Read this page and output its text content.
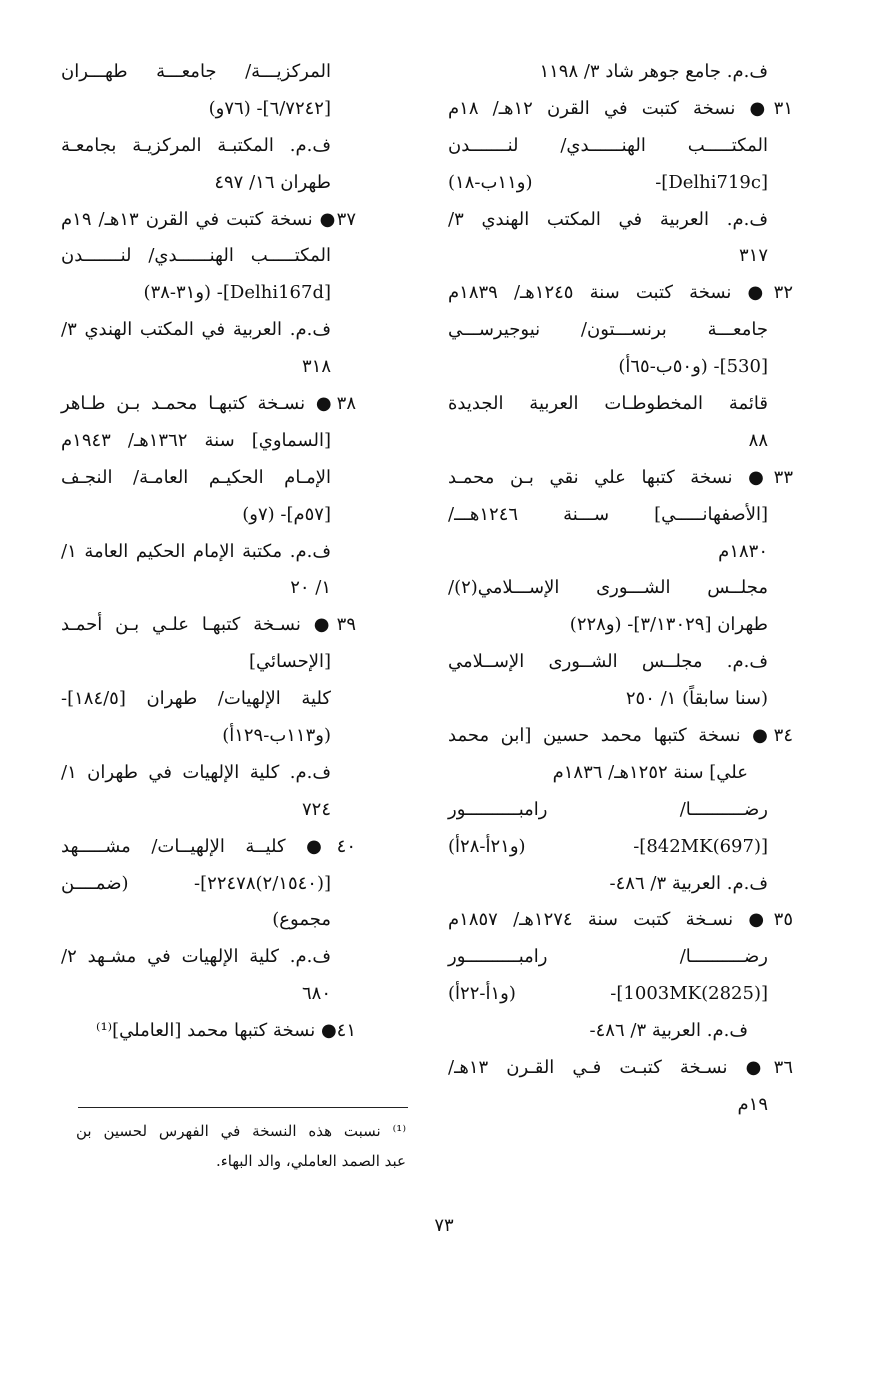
ف.م. جامع جوهر شاد ٣/ ١١٩٨
٣١● نسخة كتبت في القرن ١٢هـ/ ١٨م
المكتـــــب الهنــــــدي/ لنـــــــدن
[Delhi719c]- (و١١ب-١٨)
ف.م. العربية في المكتب الهندي ٣/
٣١٧
٣٢● نسخة كتبت سنة ١٢٤٥هـ/ ١٨٣٩م
جامعـــة برنســـتون/ نيوجيرســـي
[530]- (و٥٠ب-٦٥أ)
قائمة المخطوطـات العربية الجديدة
٨٨
٣٣● نسخة كتبها علي نقي بـن محمـد
[الأصفهانـــــي] ســـنة ١٢٤٦هـــ/
١٨٣٠م
مجلــس الشـــورى الإســـلامي(٢)/
طهران [٣/١٣٠٢٩]- (و٢٢٨)
ف.م. مجلــس الشــورى الإســلامي
(سنا سابقاً) ١/ ٢٥٠
٣٤● نسخة كتبها محمد حسين [ابن محمد
علي] سنة ١٢٥٢هـ/ ١٨٣٦م
رضــــــــــا/ رامبــــــــــور
[(697)842MK]- (و٢١أ-٢٨أ)
ف.م. العربية ٣/ ٤٨٦-
٣٥● نسـخة كتبت سنة ١٢٧٤هـ/ ١٨٥٧م
رضــــــــــا/ رامبــــــــــور
[(2825)1003MK]- (و١أ-٢٢أ)
ف.م. العربية ٣/ ٤٨٦-
٣٦● نسـخة كتبـت فـي القـرن ١٣هـ/
١٩م
المركزيـــة/ جامعـــة طهـــران
[٦/٧٢٤٢]- (٧٦و)
ف.م. المكتبـة المركزيـة بجامعـة
طهران ١٦/ ٤٩٧
٣٧● نسخة كتبت في القرن ١٣هـ/ ١٩م
المكتـــــب الهنــــــدي/ لنـــــــدن
[Delhi167d]- (و٣١-٣٨)
ف.م. العربية في المكتب الهندي ٣/
٣١٨
٣٨● نسـخة كتبهـا محمـد بـن طـاهر
[السماوي] سنة ١٣٦٢هـ/ ١٩٤٣م
الإمـام الحكيـم العامـة/ النجـف
[٥٧م]- (٧و)
ف.م. مكتبة الإمام الحكيم العامة ١/
١/ ٢٠
٣٩● نسـخة كتبهـا علـي بـن أحمـد
[الإحسائي]
كلية الإلهيات/ طهران [١٨٤/٥]-
(و١١٣ب-١٢٩أ)
ف.م. كلية الإلهيات في طهران ١/
٧٢٤
٤٠● كليــة الإلهيــات/ مشـــــهد
[(٢/١٥٤٠)٢٢٤٧٨]- (ضمــــن
مجموع)
ف.م. كلية الإلهيات في مشـهد ٢/
٦٨٠
٤١● نسخة كتبها محمد [العاملي]⁽¹⁾
⁽¹⁾ نسبت هذه النسخة في الفهرس لحسين بن
عبد الصمد العاملي، والد البهاء.
٧٣
